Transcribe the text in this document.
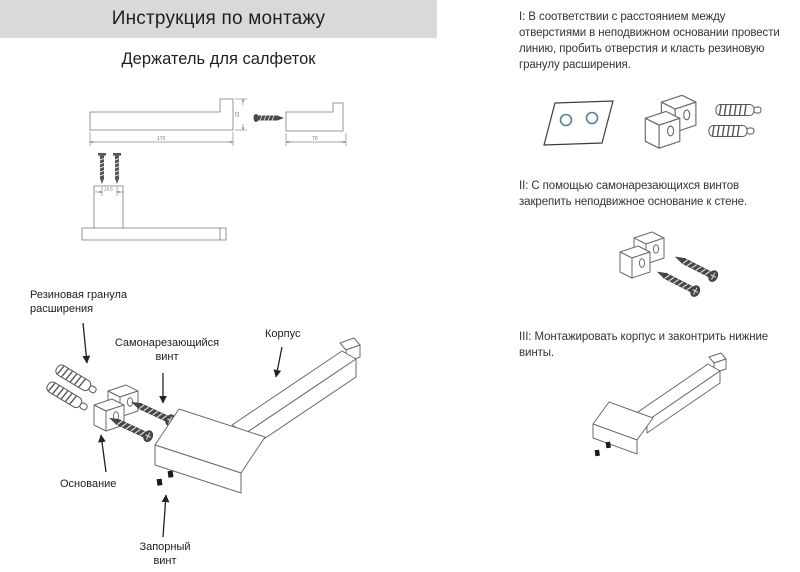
Инструкция по монтажу
Держатель для салфеток
170
22
70
18.5
Резиновая гранула расширения
Самонарезающийся винт
Корпус
Основание
Запорный винт
I: В соответствии с расстоянием между отверстиями в неподвижном основании провести линию, пробить отверстия и класть резиновую гранулу расширения.
II: С помощью самонарезающихся винтов закрепить неподвижное основание к стене.
III: Монтажировать корпус и законтрить нижние винты.
